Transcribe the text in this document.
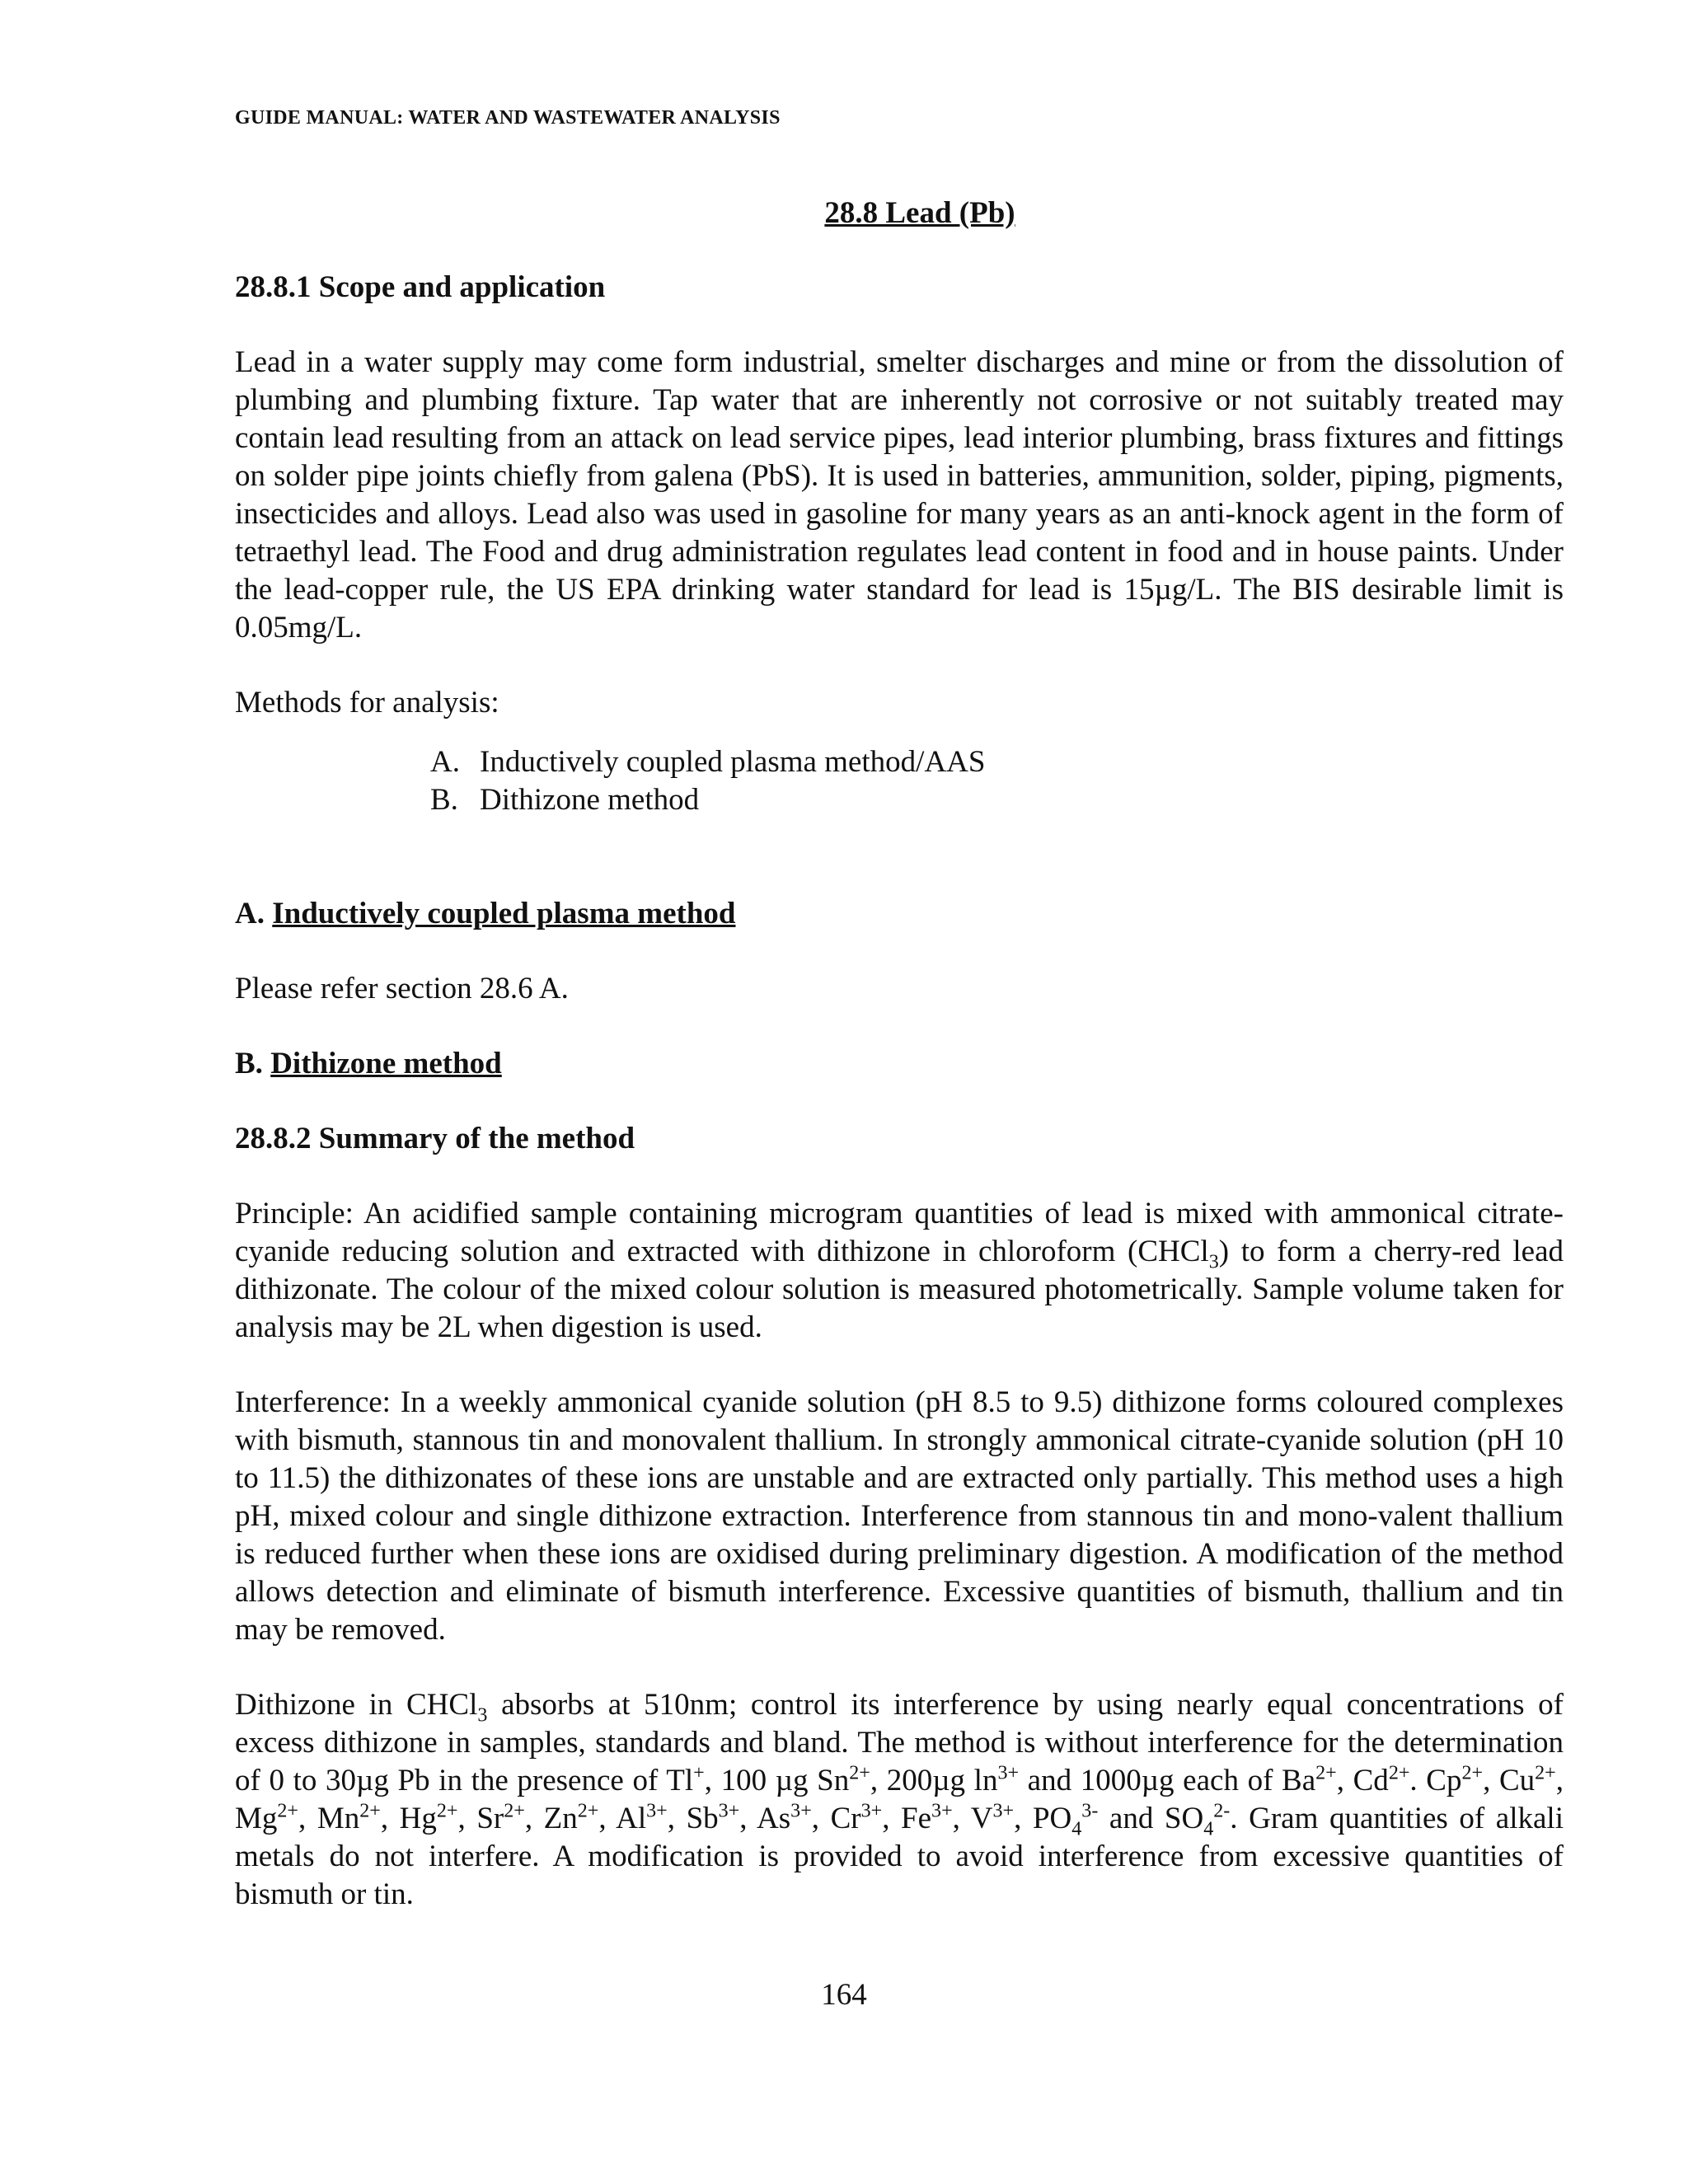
GUIDE MANUAL: WATER AND WASTEWATER ANALYSIS
28.8 Lead (Pb)
28.8.1 Scope and application

Lead in a water supply may come form industrial, smelter discharges and mine or from the dissolution of plumbing and plumbing fixture. Tap water that are inherently not corrosive or not suitably treated may contain lead resulting from an attack on lead service pipes, lead interior plumbing, brass fixtures and fittings on solder pipe joints chiefly from galena (PbS). It is used in batteries, ammunition, solder, piping, pigments, insecticides and alloys. Lead also was used in gasoline for many years as an anti-knock agent in the form of tetraethyl lead. The Food and drug administration regulates lead content in food and in house paints. Under the lead-copper rule, the US EPA drinking water standard for lead is 15µg/L. The BIS desirable limit is 0.05mg/L.

Methods for analysis:

A. Inductively coupled plasma method/AAS
B. Dithizone method
A. Inductively coupled plasma method

Please refer section 28.6 A.

B. Dithizone method
28.8.2 Summary of the method

Principle: An acidified sample containing microgram quantities of lead is mixed with ammonical citrate-cyanide reducing solution and extracted with dithizone in chloroform (CHCl$_3$) to form a cherry-red lead dithizonate. The colour of the mixed colour solution is measured photometrically. Sample volume taken for analysis may be 2L when digestion is used.

Interference: In a weekly ammonical cyanide solution (pH 8.5 to 9.5) dithizone forms coloured complexes with bismuth, stannous tin and monovalent thallium. In strongly ammonical citrate-cyanide solution (pH 10 to 11.5) the dithizonates of these ions are unstable and are extracted only partially. This method uses a high pH, mixed colour and single dithizone extraction. Interference from stannous tin and mono-valent thallium is reduced further when these ions are oxidised during preliminary digestion. A modification of the method allows detection and eliminate of bismuth interference. Excessive quantities of bismuth, thallium and tin may be removed.

Dithizone in CHCl$_3$ absorbs at 510nm; control its interference by using nearly equal concentrations of excess dithizone in samples, standards and bland. The method is without interference for the determination of 0 to 30µg Pb in the presence of Tl+, 100 µg $Sn^{2+}$, 200µg $\ln^{3+}$ and 1000µg each of $Ba^{2+}$, $Cd^{2+}$. $Cp^{2+}$, $Cu^{2+}$, $Mg^{2+}$, $Mn^{2+}$, $Hg^{2+}$, $Sr^{2+}$, $Zn^{2+}$, $Al^{3+}$, $Sb^{3+}$, $As^{3+}$, $Cr^{3+}$, $Fe^{3+}$, $V^{3+}$, $PO_4^{3-}$ and $SO_4^{2-}$. Gram quantities of alkali metals do not interfere. A modification is provided to avoid interference from excessive quantities of bismuth or tin.

164
